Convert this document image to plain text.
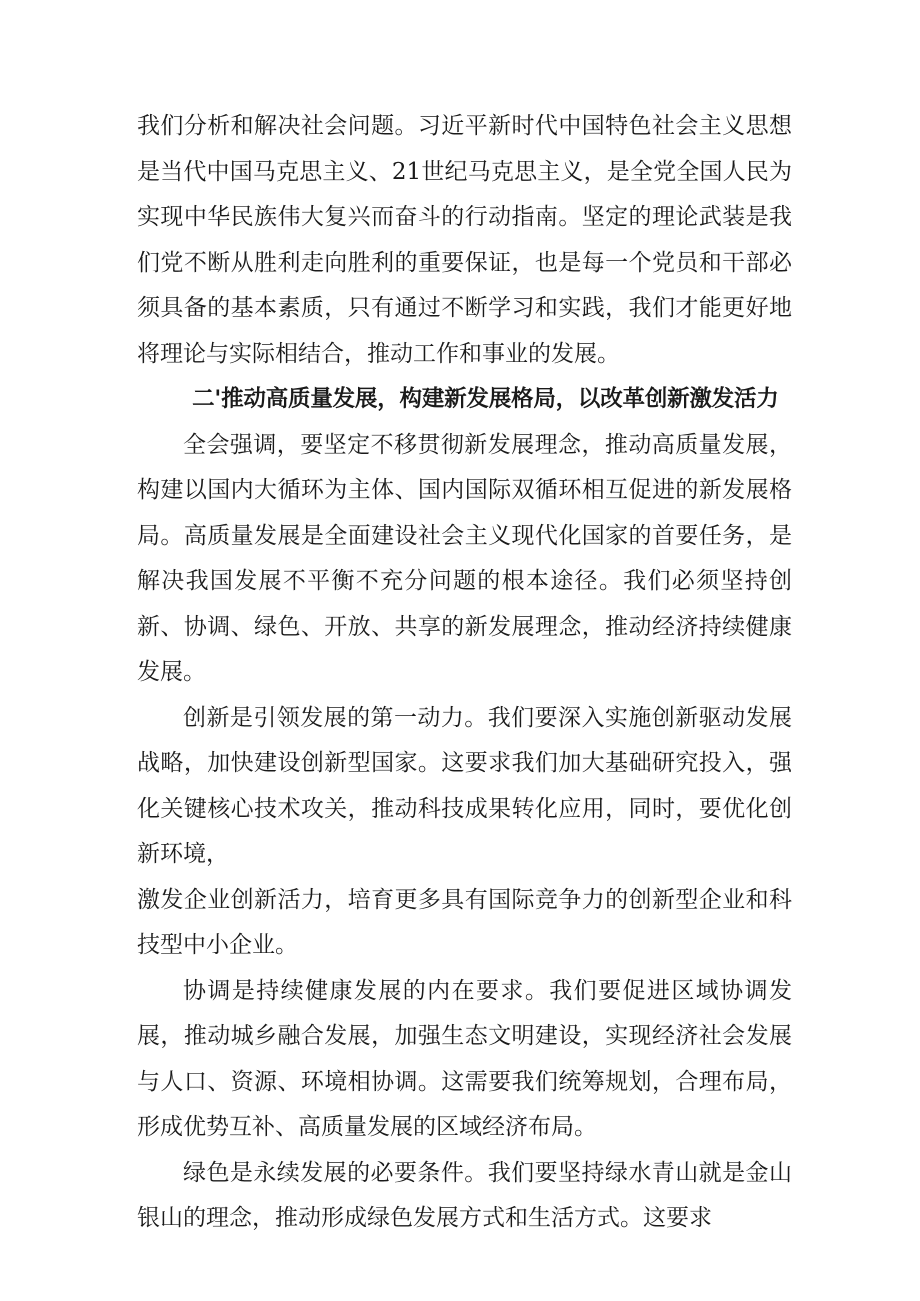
我们分析和解决社会问题。习近平新时代中国特色社会主义思想是当代中国马克思主义、21世纪马克思主义，是全党全国人民为实现中华民族伟大复兴而奋斗的行动指南。坚定的理论武装是我们党不断从胜利走向胜利的重要保证，也是每一个党员和干部必须具备的基本素质，只有通过不断学习和实践，我们才能更好地将理论与实际相结合，推动工作和事业的发展。

二'推动高质量发展，构建新发展格局，以改革创新激发活力

全会强调，要坚定不移贯彻新发展理念，推动高质量发展，构建以国内大循环为主体、国内国际双循环相互促进的新发展格局。高质量发展是全面建设社会主义现代化国家的首要任务，是解决我国发展不平衡不充分问题的根本途径。我们必须坚持创新、协调、绿色、开放、共享的新发展理念，推动经济持续健康发展。

创新是引领发展的第一动力。我们要深入实施创新驱动发展战略，加快建设创新型国家。这要求我们加大基础研究投入，强化关键核心技术攻关，推动科技成果转化应用，同时，要优化创新环境，
激发企业创新活力，培育更多具有国际竞争力的创新型企业和科技型中小企业。

协调是持续健康发展的内在要求。我们要促进区域协调发展，推动城乡融合发展，加强生态文明建设，实现经济社会发展与人口、资源、环境相协调。这需要我们统筹规划，合理布局，形成优势互补、高质量发展的区域经济布局。

绿色是永续发展的必要条件。我们要坚持绿水青山就是金山银山的理念，推动形成绿色发展方式和生活方式。这要求
